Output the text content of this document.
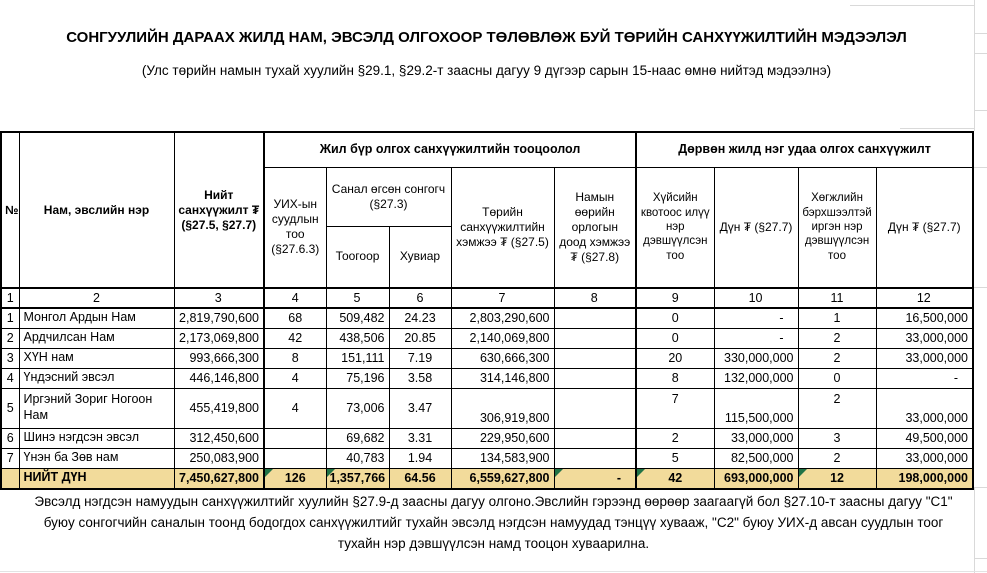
СОНГУУЛИЙН ДАРААХ ЖИЛД НАМ, ЭВСЭЛД ОЛГОХООР ТӨЛӨВЛӨЖ БУЙ ТӨРИЙН САНХҮҮЖИЛТИЙН МЭДЭЭЛЭЛ
(Улс төрийн намын тухай хуулийн §29.1, §29.2-т заасны дагуу 9 дүгээр сарын 15-наас өмнө нийтэд мэдээлнэ)
№	Нам, эвслийн нэр	Нийт санхүүжилт ₮ (§27.5, §27.7)	Жил бүр олгох санхүүжилтийн тооцоолол					Дөрвөн жилд нэг удаа олгох санхүүжилт			
			УИХ-ын суудлын тоо (§27.6.3)	Санал өгсөн сонгогч (§27.3)		Төрийн санхүүжилтийн хэмжээ ₮ (§27.5)	Намын өөрийн орлогын доод хэмжээ ₮ (§27.8)	Хүйсийн квотоос илүү нэр дэвшүүлсэн тоо	Дүн ₮ (§27.7)	Хөгжлийн бэрхшээлтэй иргэн нэр дэвшүүлсэн тоо	Дүн ₮ (§27.7)
				Тоогоор	Хувиар						
1	2	3	4	5	6	7	8	9	10	11	12
1	Монгол Ардын Нам	2,819,790,600	68	509,482	24.23	2,803,290,600		0	-	1	16,500,000
2	Ардчилсан Нам	2,173,069,800	42	438,506	20.85	2,140,069,800		0	-	2	33,000,000
3	ХҮН нам	993,666,300	8	151,111	7.19	630,666,300		20	330,000,000	2	33,000,000
4	Үндэсний эвсэл	446,146,800	4	75,196	3.58	314,146,800		8	132,000,000	0	-
5	Иргэний Зориг Ногоон Нам	455,419,800	4	73,006	3.47	306,919,800		7	115,500,000	2	33,000,000
6	Шинэ нэгдсэн эвсэл	312,450,600		69,682	3.31	229,950,600		2	33,000,000	3	49,500,000
7	Үнэн ба Зөв нам	250,083,900		40,783	1.94	134,583,900		5	82,500,000	2	33,000,000
	НИЙТ ДҮН	7,450,627,800	126	1,357,766	64.56	6,559,627,800	-	42	693,000,000	12	198,000,000
Эвсэлд нэгдсэн намуудын санхүүжилтийг хуулийн §27.9-д заасны дагуу олгоно.Эвслийн гэрээнд өөрөөр заагаагүй бол §27.10-т заасны дагуу "С1" буюу сонгогчийн саналын тоонд бодогдох санхүүжилтийг тухайн эвсэлд нэгдсэн намуудад тэнцүү хувааж, "С2" буюу УИХ-д авсан суудлын тоог тухайн нэр дэвшүүлсэн намд тооцон хуваарилна.
